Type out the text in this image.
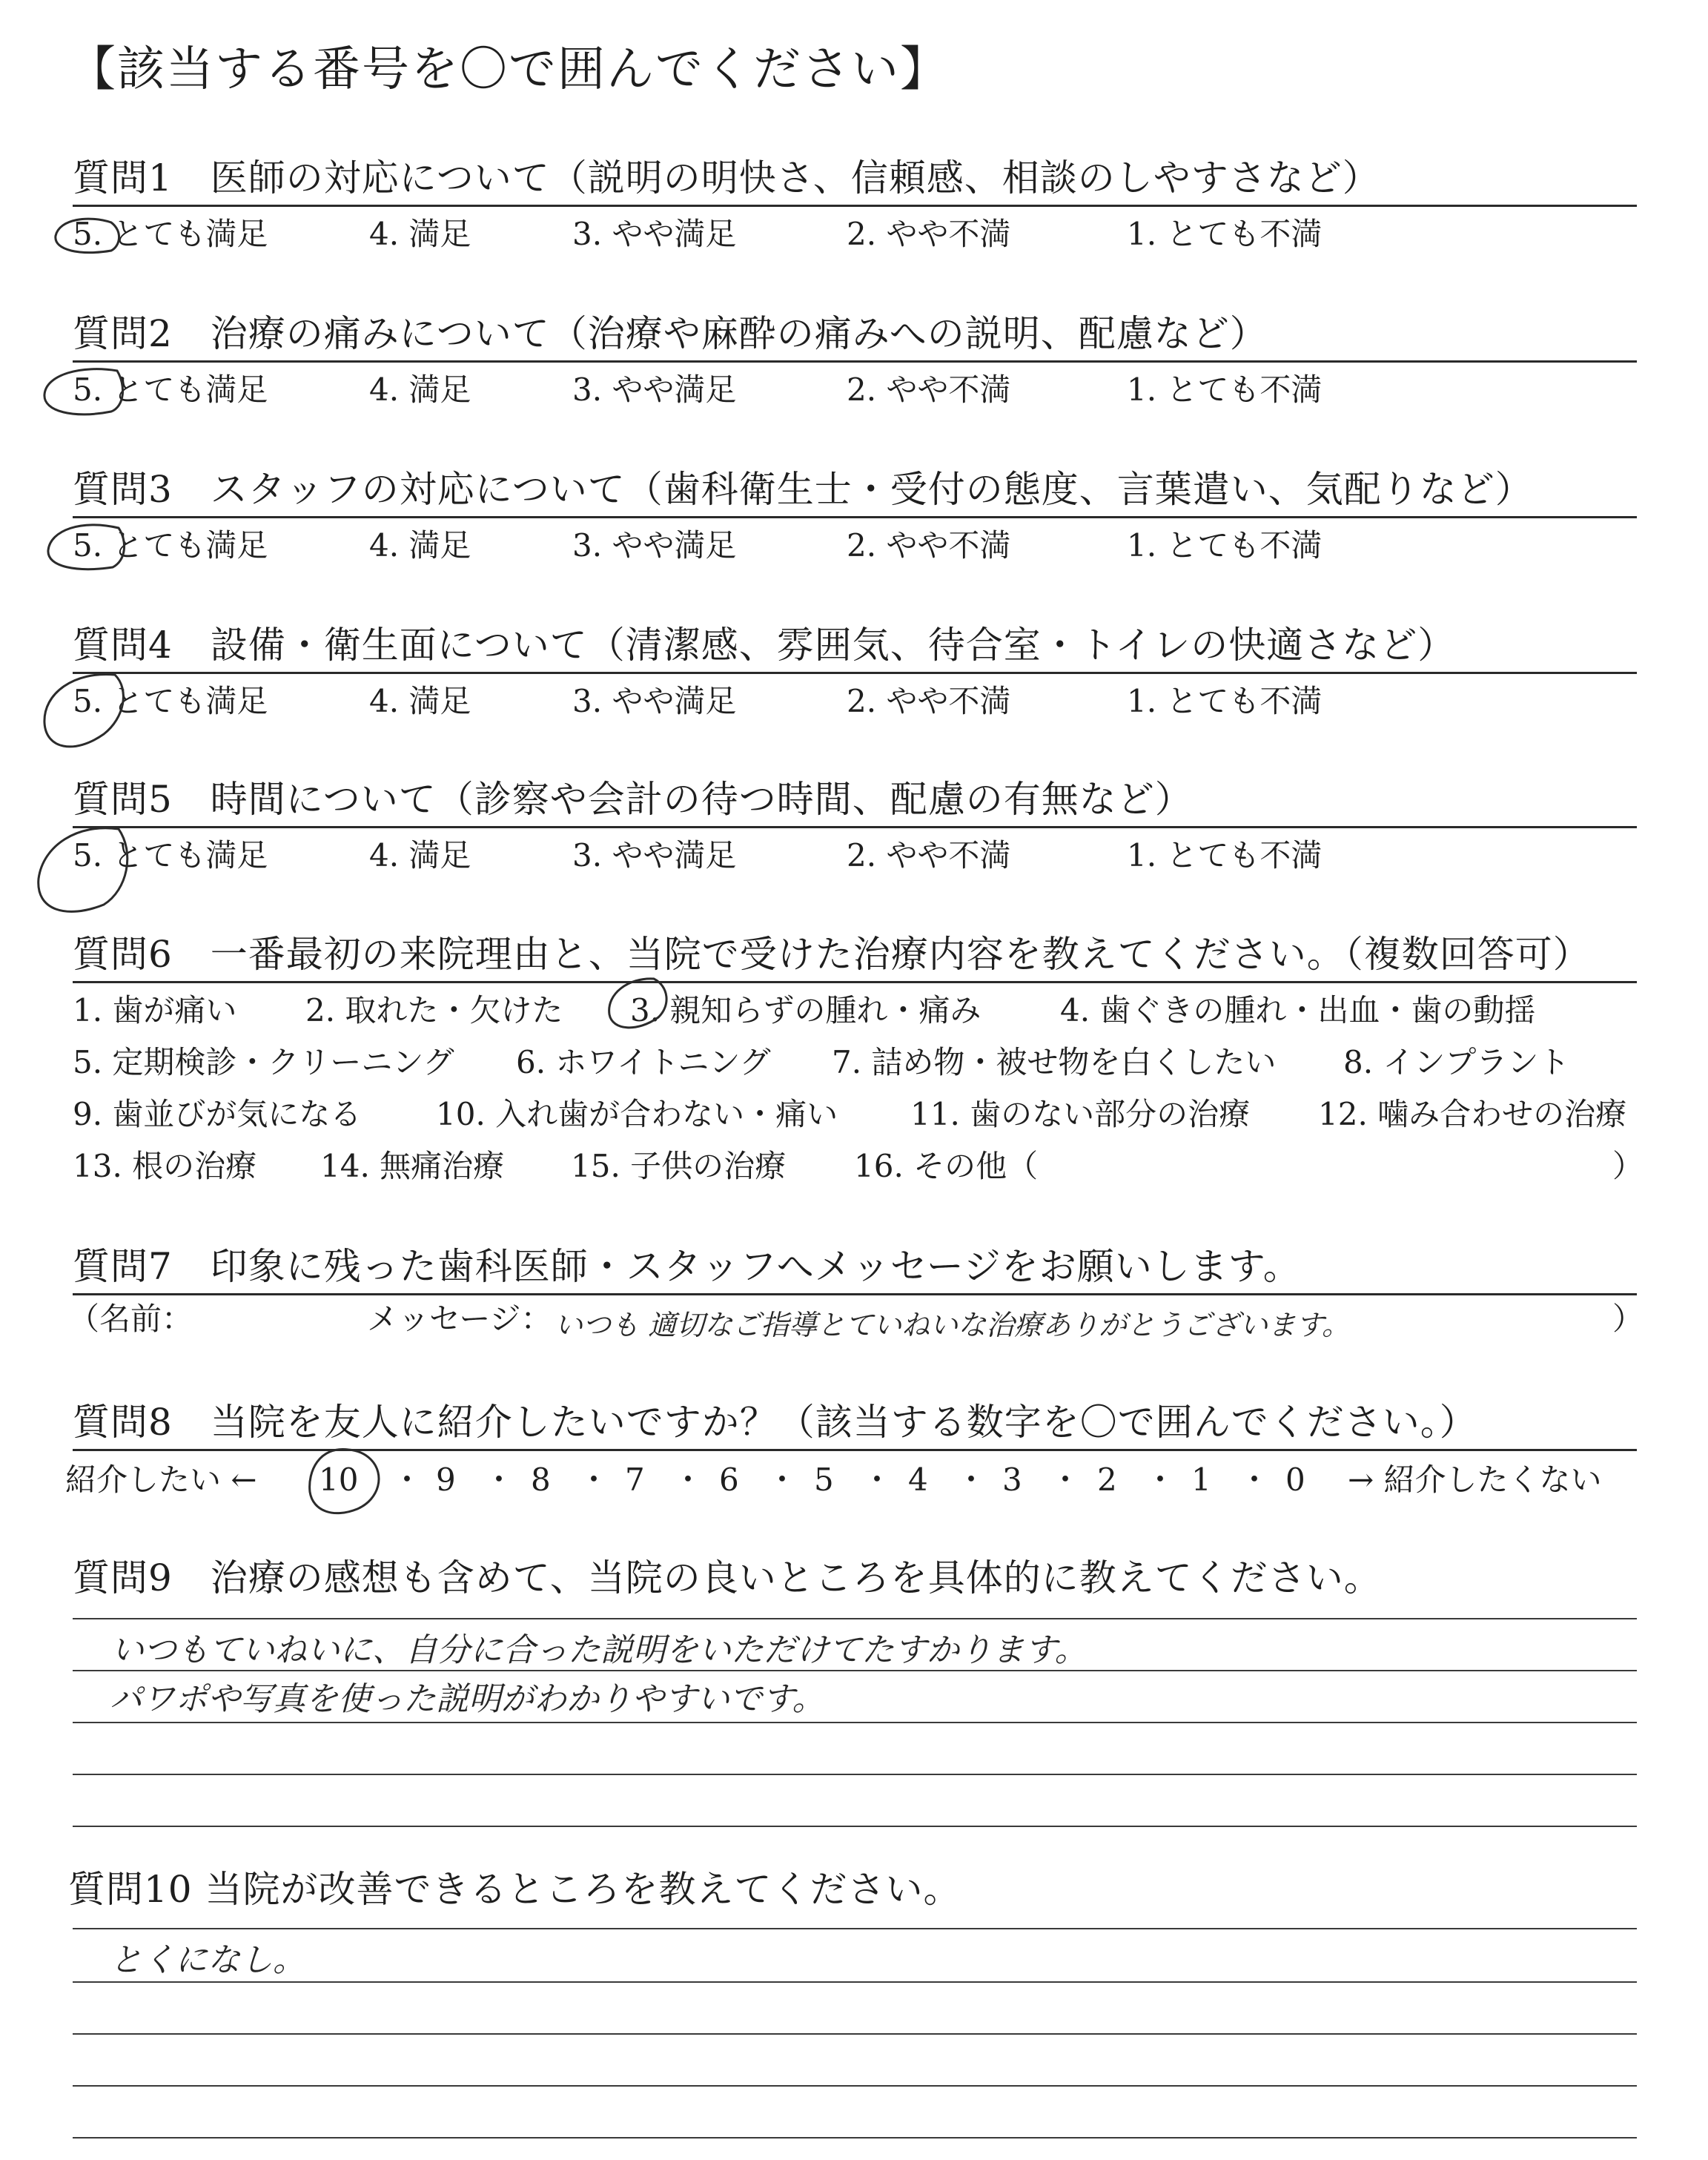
【該当する番号を〇で囲んでください】
質問1　医師の対応について（説明の明快さ、信頼感、相談のしやすさなど）
5. とても満足	4. 満足	3. やや満足	2. やや不満	1. とても不満
質問2　治療の痛みについて（治療や麻酔の痛みへの説明、配慮など）
5. とても満足	4. 満足	3. やや満足	2. やや不満	1. とても不満
質問3　スタッフの対応について（歯科衛生士・受付の態度、言葉遣い、気配りなど）
5. とても満足	4. 満足	3. やや満足	2. やや不満	1. とても不満
質問4　設備・衛生面について（清潔感、雰囲気、待合室・トイレの快適さなど）
5. とても満足	4. 満足	3. やや満足	2. やや不満	1. とても不満
質問5　時間について（診察や会計の待つ時間、配慮の有無など）
5. とても満足	4. 満足	3. やや満足	2. やや不満	1. とても不満
質問6　一番最初の来院理由と、当院で受けた治療内容を教えてください。（複数回答可）
1. 歯が痛い 2. 取れた・欠けた 3. 親知らずの腫れ・痛み	4. 歯ぐきの腫れ・出血・歯の動揺
5. 定期検診・クリーニング 6. ホワイトニング 7. 詰め物・被せ物を白くしたい 8. インプラント
9. 歯並びが気になる 10. 入れ歯が合わない・痛い 11. 歯のない部分の治療 12. 噛み合わせの治療
13. 根の治療 14. 無痛治療 15. 子供の治療 16. その他（	）
質問7　印象に残った歯科医師・スタッフへメッセージをお願いします。
（名前：	メッセージ： いつも 適切なご指導とていねいな治療ありがとうございます。	）
質問8　当院を友人に紹介したいですか？（該当する数字を〇で囲んでください。）
紹介したい ← 10 ・ 9 ・ 8 ・ 7 ・ 6 ・ 5 ・ 4 ・ 3 ・ 2 ・ 1 ・ 0 → 紹介したくない
質問9　治療の感想も含めて、当院の良いところを具体的に教えてください。
いつもていねいに、自分に合った説明をいただけてたすかります。
パワポや写真を使った説明がわかりやすいです。
質問10 当院が改善できるところを教えてください。
とくになし。
